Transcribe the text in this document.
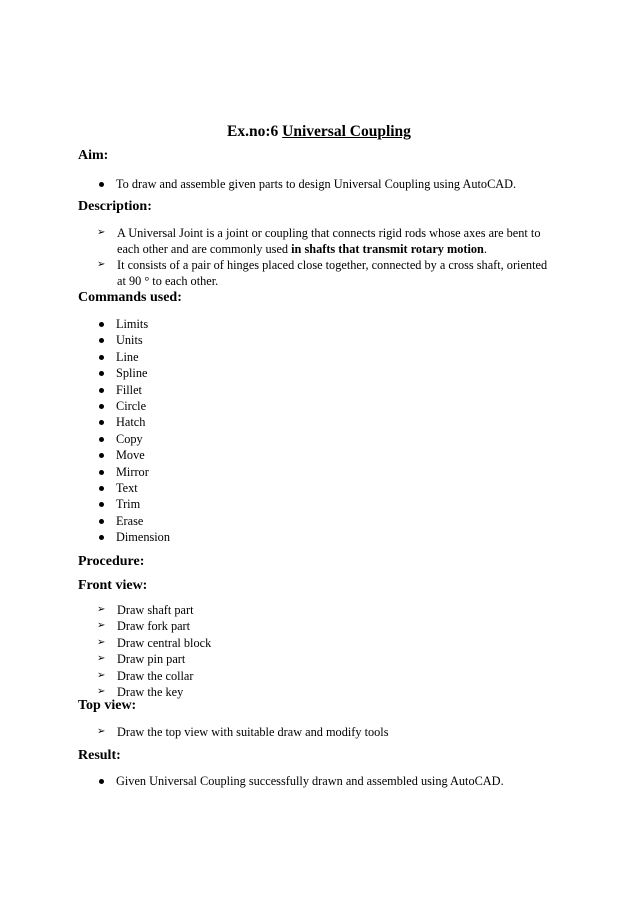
Ex.no:6 Universal Coupling
Aim:
To draw and assemble given parts to design Universal Coupling using AutoCAD.
Description:
➢ A Universal Joint is a joint or coupling that connects rigid rods whose axes are bent to each other and are commonly used in shafts that transmit rotary motion.
➢ It consists of a pair of hinges placed close together, connected by a cross shaft, oriented at 90 ° to each other.
Commands used:
Limits
Units
Line
Spline
Fillet
Circle
Hatch
Copy
Move
Mirror
Text
Trim
Erase
Dimension
Procedure:
Front view:
➢ Draw shaft part
➢ Draw fork part
➢ Draw central block
➢ Draw pin part
➢ Draw the collar
➢ Draw the key
Top view:
➢ Draw the top view with suitable draw and modify tools
Result:
Given Universal Coupling successfully drawn and assembled using AutoCAD.
